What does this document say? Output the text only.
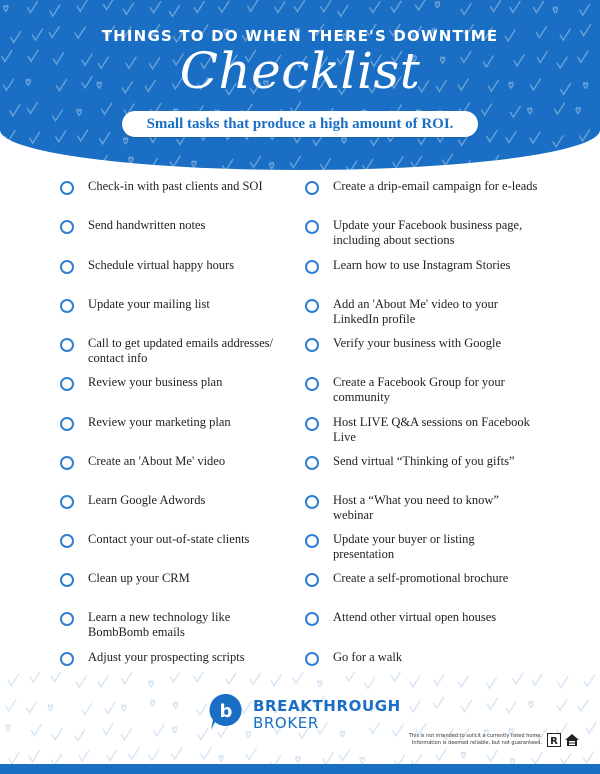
THINGS TO DO WHEN THERE'S DOWNTIME
Checklist
Small tasks that produce a high amount of ROI.
Check-in with past clients and SOI
Send handwritten notes
Schedule virtual happy hours
Update your mailing list
Call to get updated emails addresses/ contact info
Review your business plan
Review your marketing plan
Create an 'About Me' video
Learn Google Adwords
Contact your out-of-state clients
Clean up your CRM
Learn a new technology like BombBomb emails
Adjust your prospecting scripts
Create a drip-email campaign for e-leads
Update your Facebook business page, including about sections
Learn how to use Instagram Stories
Add an 'About Me' video to your LinkedIn profile
Verify your business with Google
Create a Facebook Group for your community
Host LIVE Q&A sessions on Facebook Live
Send virtual “Thinking of you gifts”
Host a “What you need to know” webinar
Update your buyer or listing presentation
Create a self-promotional brochure
Attend other virtual open houses
Go for a walk
b BREAKTHROUGH
BROKER
This is not intended to solicit a currently listed home.
Information is deemed reliable, but not guaranteed. R
